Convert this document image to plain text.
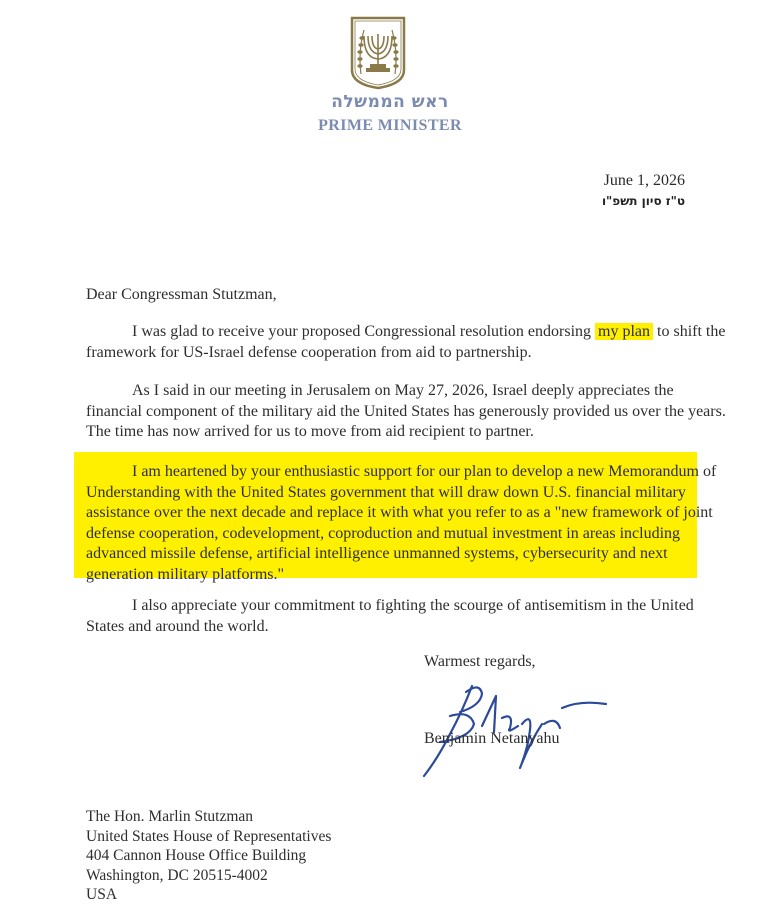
ראש הממשלה
PRIME MINISTER
June 1, 2026
ט"ז סיון תשפ"ו
Dear Congressman Stutzman,
I was glad to receive your proposed Congressional resolution endorsing my plan to shift the framework for US-Israel defense cooperation from aid to partnership.
As I said in our meeting in Jerusalem on May 27, 2026, Israel deeply appreciates the financial component of the military aid the United States has generously provided us over the years. The time has now arrived for us to move from aid recipient to partner.
I am heartened by your enthusiastic support for our plan to develop a new Memorandum of Understanding with the United States government that will draw down U.S. financial military assistance over the next decade and replace it with what you refer to as a "new framework of joint defense cooperation, codevelopment, coproduction and mutual investment in areas including advanced missile defense, artificial intelligence unmanned systems, cybersecurity and next generation military platforms."
I also appreciate your commitment to fighting the scourge of antisemitism in the United States and around the world.
Warmest regards,
Benjamin Netanyahu
The Hon. Marlin Stutzman
United States House of Representatives
404 Cannon House Office Building
Washington, DC 20515-4002
USA
